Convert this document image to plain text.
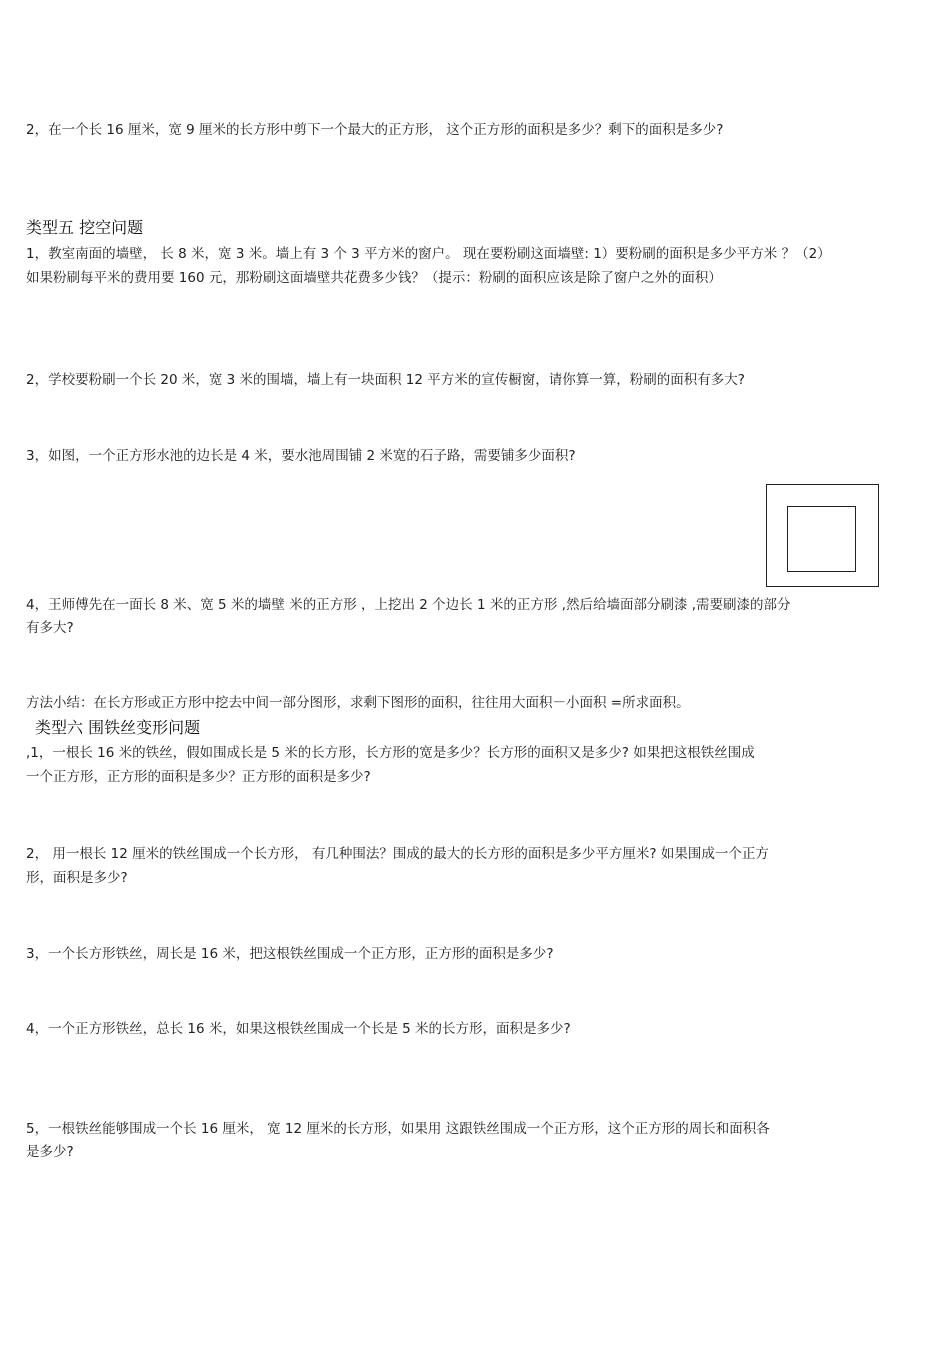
2，在一个长 16 厘米，宽 9 厘米的长方形中剪下一个最大的正方形， 这个正方形的面积是多少？剩下的面积是多少?
类型五 挖空问题
1，教室南面的墙壁， 长 8 米，宽 3 米。墙上有 3 个 3 平方米的窗户。 现在要粉刷这面墙壁: 1）要粉刷的面积是多少平方米 ？（2）
如果粉刷每平米的费用要 160 元，那粉刷这面墙壁共花费多少钱？（提示：粉刷的面积应该是除了窗户之外的面积）
2，学校要粉刷一个长 20 米，宽 3 米的围墙，墙上有一块面积 12 平方米的宣传橱窗，请你算一算，粉刷的面积有多大?
3，如图，一个正方形水池的边长是 4 米，要水池周围铺 2 米宽的石子路，需要铺多少面积?
4，王师傅先在一面长 8 米、宽 5 米的墙壁 米的正方形 ，上挖出 2 个边长 1 米的正方形 ,然后给墙面部分刷漆 ,需要刷漆的部分
有多大?
方法小结：在长方形或正方形中挖去中间一部分图形，求剩下图形的面积，往往用大面积－小面积 =所求面积。
类型六 围铁丝变形问题
,1，一根长 16 米的铁丝，假如围成长是 5 米的长方形，长方形的宽是多少？长方形的面积又是多少? 如果把这根铁丝围成
一个正方形，正方形的面积是多少？正方形的面积是多少?
2， 用一根长 12 厘米的铁丝围成一个长方形， 有几种围法？围成的最大的长方形的面积是多少平方厘米? 如果围成一个正方
形，面积是多少?
3，一个长方形铁丝，周长是 16 米，把这根铁丝围成一个正方形，正方形的面积是多少?
4，一个正方形铁丝，总长 16 米，如果这根铁丝围成一个长是 5 米的长方形，面积是多少?
5，一根铁丝能够围成一个长 16 厘米， 宽 12 厘米的长方形，如果用 这跟铁丝围成一个正方形，这个正方形的周长和面积各
是多少?
